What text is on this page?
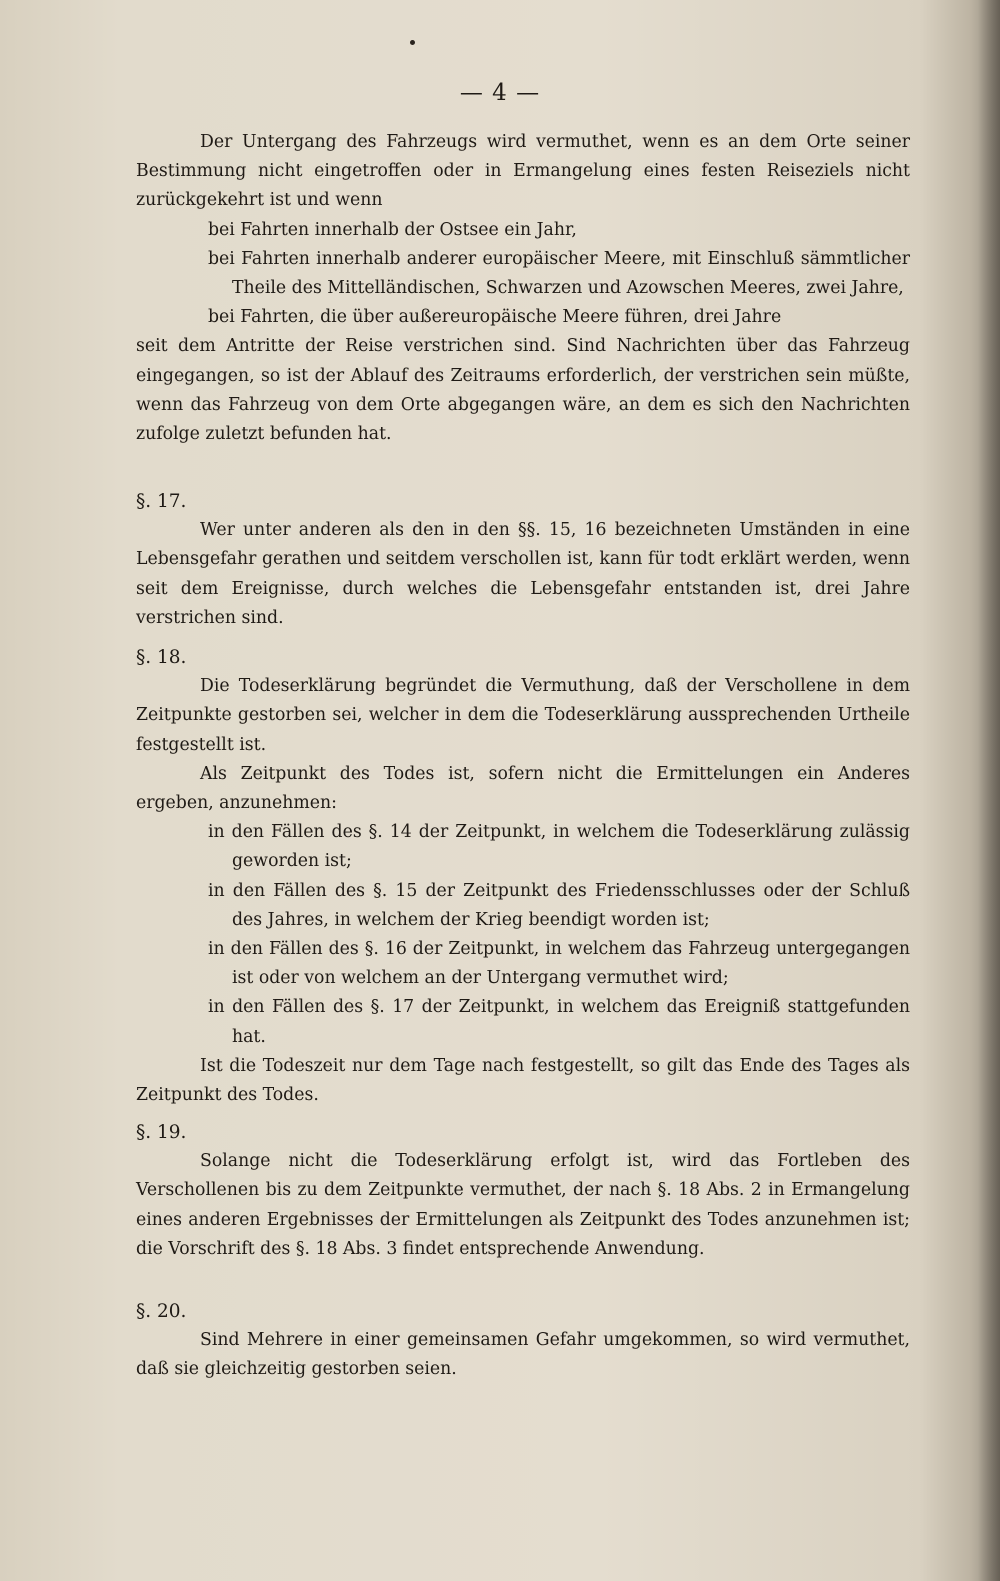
— 4 —

Der Untergang des Fahrzeugs wird vermuthet, wenn es an dem Orte seiner Bestimmung nicht eingetroffen oder in Ermangelung eines festen Reiseziels nicht zurückgekehrt ist und wenn

bei Fahrten innerhalb der Ostsee ein Jahr,

bei Fahrten innerhalb anderer europäischer Meere, mit Einschluß sämmtlicher Theile des Mittelländischen, Schwarzen und Azowschen Meeres, zwei Jahre,

bei Fahrten, die über außereuropäische Meere führen, drei Jahre

seit dem Antritte der Reise verstrichen sind. Sind Nachrichten über das Fahrzeug eingegangen, so ist der Ablauf des Zeitraums erforderlich, der verstrichen sein müßte, wenn das Fahrzeug von dem Orte abgegangen wäre, an dem es sich den Nachrichten zufolge zuletzt befunden hat.

§. 17.

Wer unter anderen als den in den §§. 15, 16 bezeichneten Umständen in eine Lebensgefahr gerathen und seitdem verschollen ist, kann für todt erklärt werden, wenn seit dem Ereignisse, durch welches die Lebensgefahr entstanden ist, drei Jahre verstrichen sind.

§. 18.

Die Todeserklärung begründet die Vermuthung, daß der Verschollene in dem Zeitpunkte gestorben sei, welcher in dem die Todeserklärung aussprechenden Urtheile festgestellt ist.

Als Zeitpunkt des Todes ist, sofern nicht die Ermittelungen ein Anderes ergeben, anzunehmen:

in den Fällen des §. 14 der Zeitpunkt, in welchem die Todeserklärung zulässig geworden ist;

in den Fällen des §. 15 der Zeitpunkt des Friedensschlusses oder der Schluß des Jahres, in welchem der Krieg beendigt worden ist;

in den Fällen des §. 16 der Zeitpunkt, in welchem das Fahrzeug untergegangen ist oder von welchem an der Untergang vermuthet wird;

in den Fällen des §. 17 der Zeitpunkt, in welchem das Ereigniß stattgefunden hat.

Ist die Todeszeit nur dem Tage nach festgestellt, so gilt das Ende des Tages als Zeitpunkt des Todes.

§. 19.

Solange nicht die Todeserklärung erfolgt ist, wird das Fortleben des Verschollenen bis zu dem Zeitpunkte vermuthet, der nach §. 18 Abs. 2 in Ermangelung eines anderen Ergebnisses der Ermittelungen als Zeitpunkt des Todes anzunehmen ist; die Vorschrift des §. 18 Abs. 3 findet entsprechende Anwendung.

§. 20.

Sind Mehrere in einer gemeinsamen Gefahr umgekommen, so wird vermuthet, daß sie gleichzeitig gestorben seien.
